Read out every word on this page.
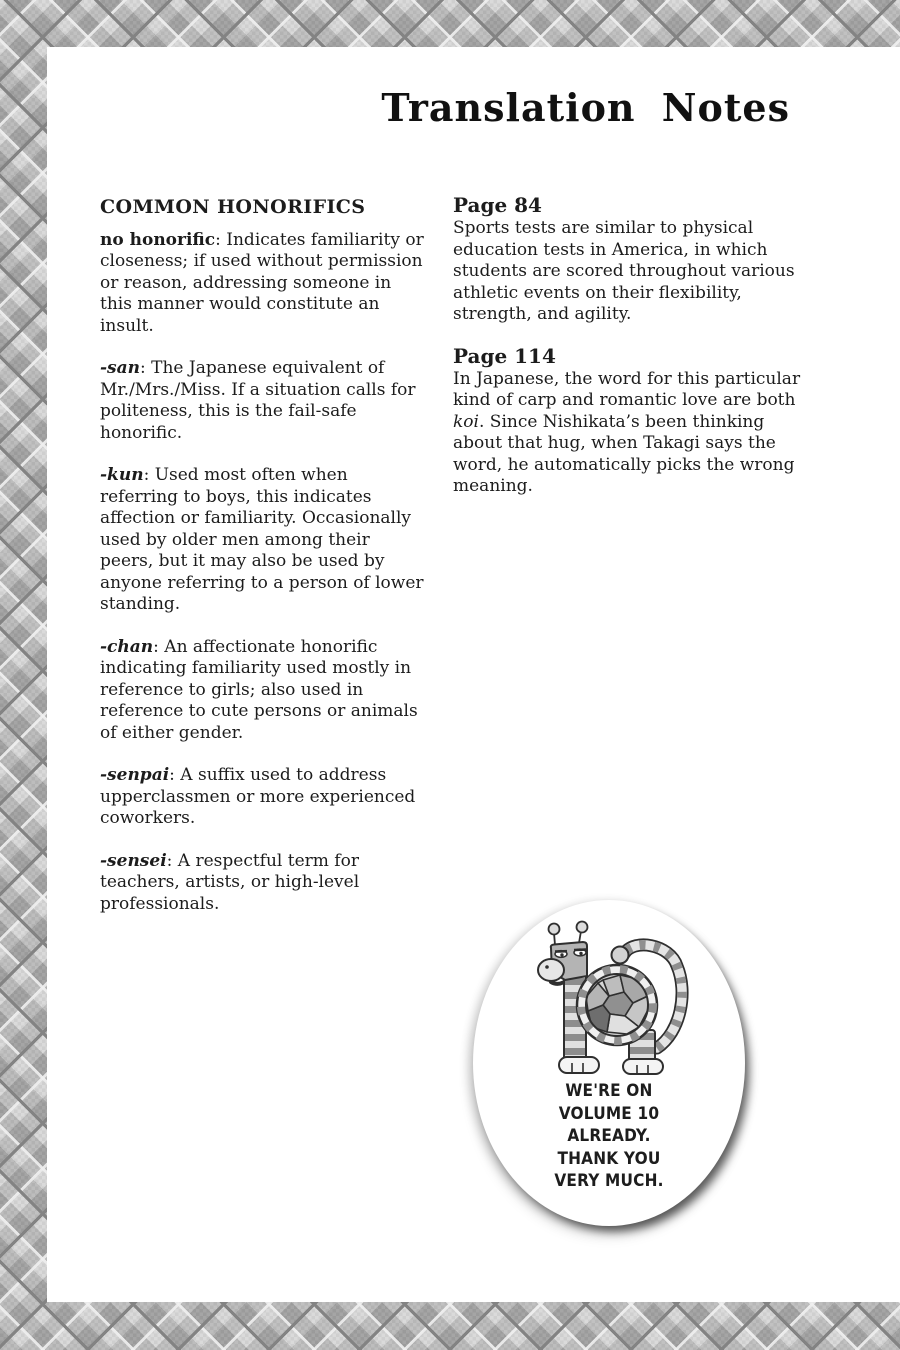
Translation Notes
COMMON HONORIFICS

no honorific: Indicates familiarity or closeness; if used without permission or reason, addressing someone in this manner would constitute an insult.

-san: The Japanese equivalent of Mr./Mrs./Miss. If a situation calls for politeness, this is the fail-safe honorific.

-kun: Used most often when referring to boys, this indicates affection or familiarity. Occasionally used by older men among their peers, but it may also be used by anyone referring to a person of lower standing.

-chan: An affectionate honorific indicating familiarity used mostly in reference to girls; also used in reference to cute persons or animals of either gender.

-senpai: A suffix used to address upperclassmen or more experienced coworkers.

-sensei: A respectful term for teachers, artists, or high-level professionals.

Page 84

Sports tests are similar to physical education tests in America, in which students are scored throughout various athletic events on their flexibility, strength, and agility.

Page 114

In Japanese, the word for this particular kind of carp and romantic love are both koi. Since Nishikata’s been thinking about that hug, when Takagi says the word, he automatically picks the wrong meaning.

WE'RE ON
VOLUME 10
ALREADY.
THANK YOU
VERY MUCH.
